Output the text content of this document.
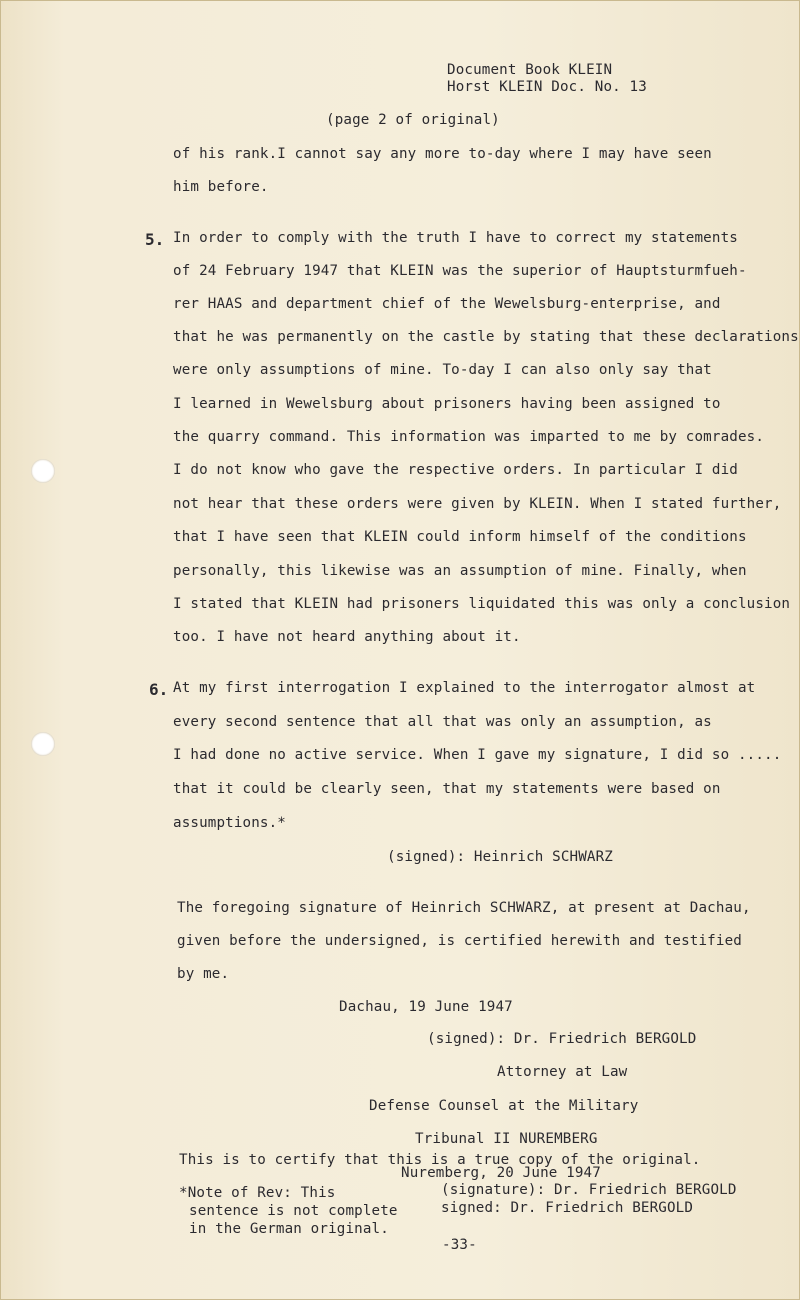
Document Book KLEIN
Horst KLEIN Doc. No. 13
(page 2 of original)
of his rank.I cannot say any more to-day where I may have seen
him before.
5. In order to comply with the truth I have to correct my statements
of 24 February 1947 that KLEIN was the superior of Hauptsturmfueh-
rer HAAS and department chief of the Wewelsburg-enterprise, and
that he was permanently on the castle by stating that these declarations
were only assumptions of mine. To-day I can also only say that
I learned in Wewelsburg about prisoners having been assigned to
the quarry command. This information was imparted to me by comrades.
I do not know who gave the respective orders. In particular I did
not hear that these orders were given by KLEIN. When I stated further,
that I have seen that KLEIN could inform himself of the conditions
personally, this likewise was an assumption of mine. Finally, when
I stated that KLEIN had prisoners liquidated this was only a conclusion
too. I have not heard anything about it.
6. At my first interrogation I explained to the interrogator almost at
every second sentence that all that was only an assumption, as
I had done no active service. When I gave my signature, I did so .....
that it could be clearly seen, that my statements were based on
assumptions.*
(signed): Heinrich SCHWARZ
The foregoing signature of Heinrich SCHWARZ, at present at Dachau,
given before the undersigned, is certified herewith and testified
by me.
Dachau, 19 June 1947
(signed): Dr. Friedrich BERGOLD
Attorney at Law
Defense Counsel at the Military
Tribunal II NUREMBERG
This is to certify that this is a true copy of the original.
Nuremberg, 20 June 1947
(signature): Dr. Friedrich BERGOLD
signed: Dr. Friedrich BERGOLD
*Note of Rev: This
sentence is not complete
in the German original.
-33-
